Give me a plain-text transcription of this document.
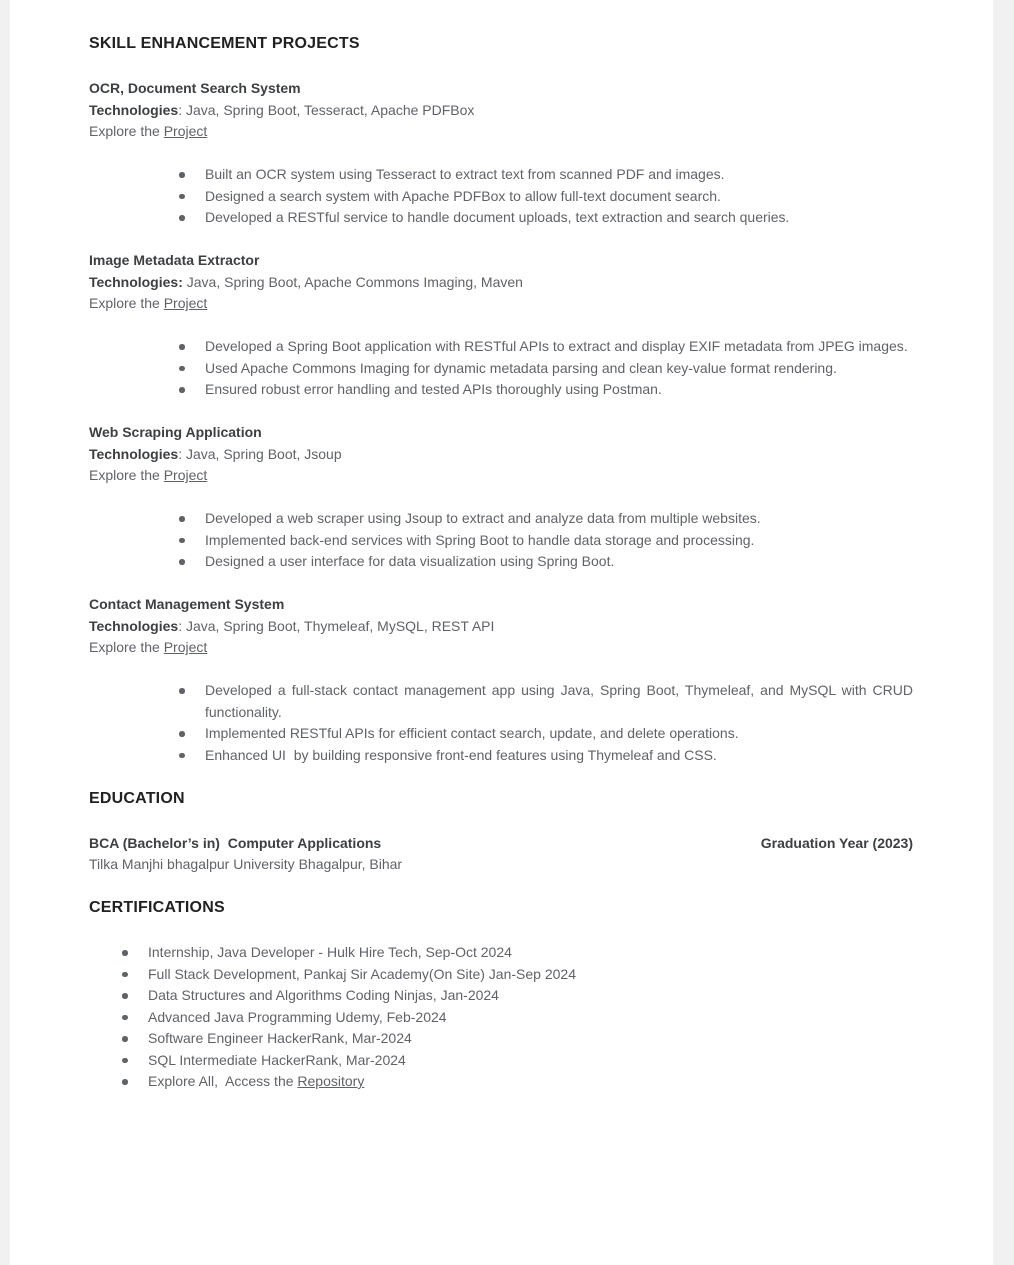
SKILL ENHANCEMENT PROJECTS
OCR, Document Search System
Technologies: Java, Spring Boot, Tesseract, Apache PDFBox
Explore the Project
Built an OCR system using Tesseract to extract text from scanned PDF and images.
Designed a search system with Apache PDFBox to allow full-text document search.
Developed a RESTful service to handle document uploads, text extraction and search queries.
Image Metadata Extractor
Technologies: Java, Spring Boot, Apache Commons Imaging, Maven
Explore the Project
Developed a Spring Boot application with RESTful APIs to extract and display EXIF metadata from JPEG images.
Used Apache Commons Imaging for dynamic metadata parsing and clean key-value format rendering.
Ensured robust error handling and tested APIs thoroughly using Postman.
Web Scraping Application
Technologies: Java, Spring Boot, Jsoup
Explore the Project
Developed a web scraper using Jsoup to extract and analyze data from multiple websites.
Implemented back-end services with Spring Boot to handle data storage and processing.
Designed a user interface for data visualization using Spring Boot.
Contact Management System
Technologies: Java, Spring Boot, Thymeleaf, MySQL, REST API
Explore the Project
Developed a full-stack contact management app using Java, Spring Boot, Thymeleaf, and MySQL with CRUD functionality.
Implemented RESTful APIs for efficient contact search, update, and delete operations.
Enhanced UI  by building responsive front-end features using Thymeleaf and CSS.
EDUCATION
BCA (Bachelor’s in)  Computer Applications	Graduation Year (2023)
Tilka Manjhi bhagalpur University Bhagalpur, Bihar
CERTIFICATIONS
Internship, Java Developer - Hulk Hire Tech, Sep-Oct 2024
Full Stack Development, Pankaj Sir Academy(On Site) Jan-Sep 2024
Data Structures and Algorithms Coding Ninjas, Jan-2024
Advanced Java Programming Udemy, Feb-2024
Software Engineer HackerRank, Mar-2024
SQL Intermediate HackerRank, Mar-2024
Explore All,  Access the Repository
